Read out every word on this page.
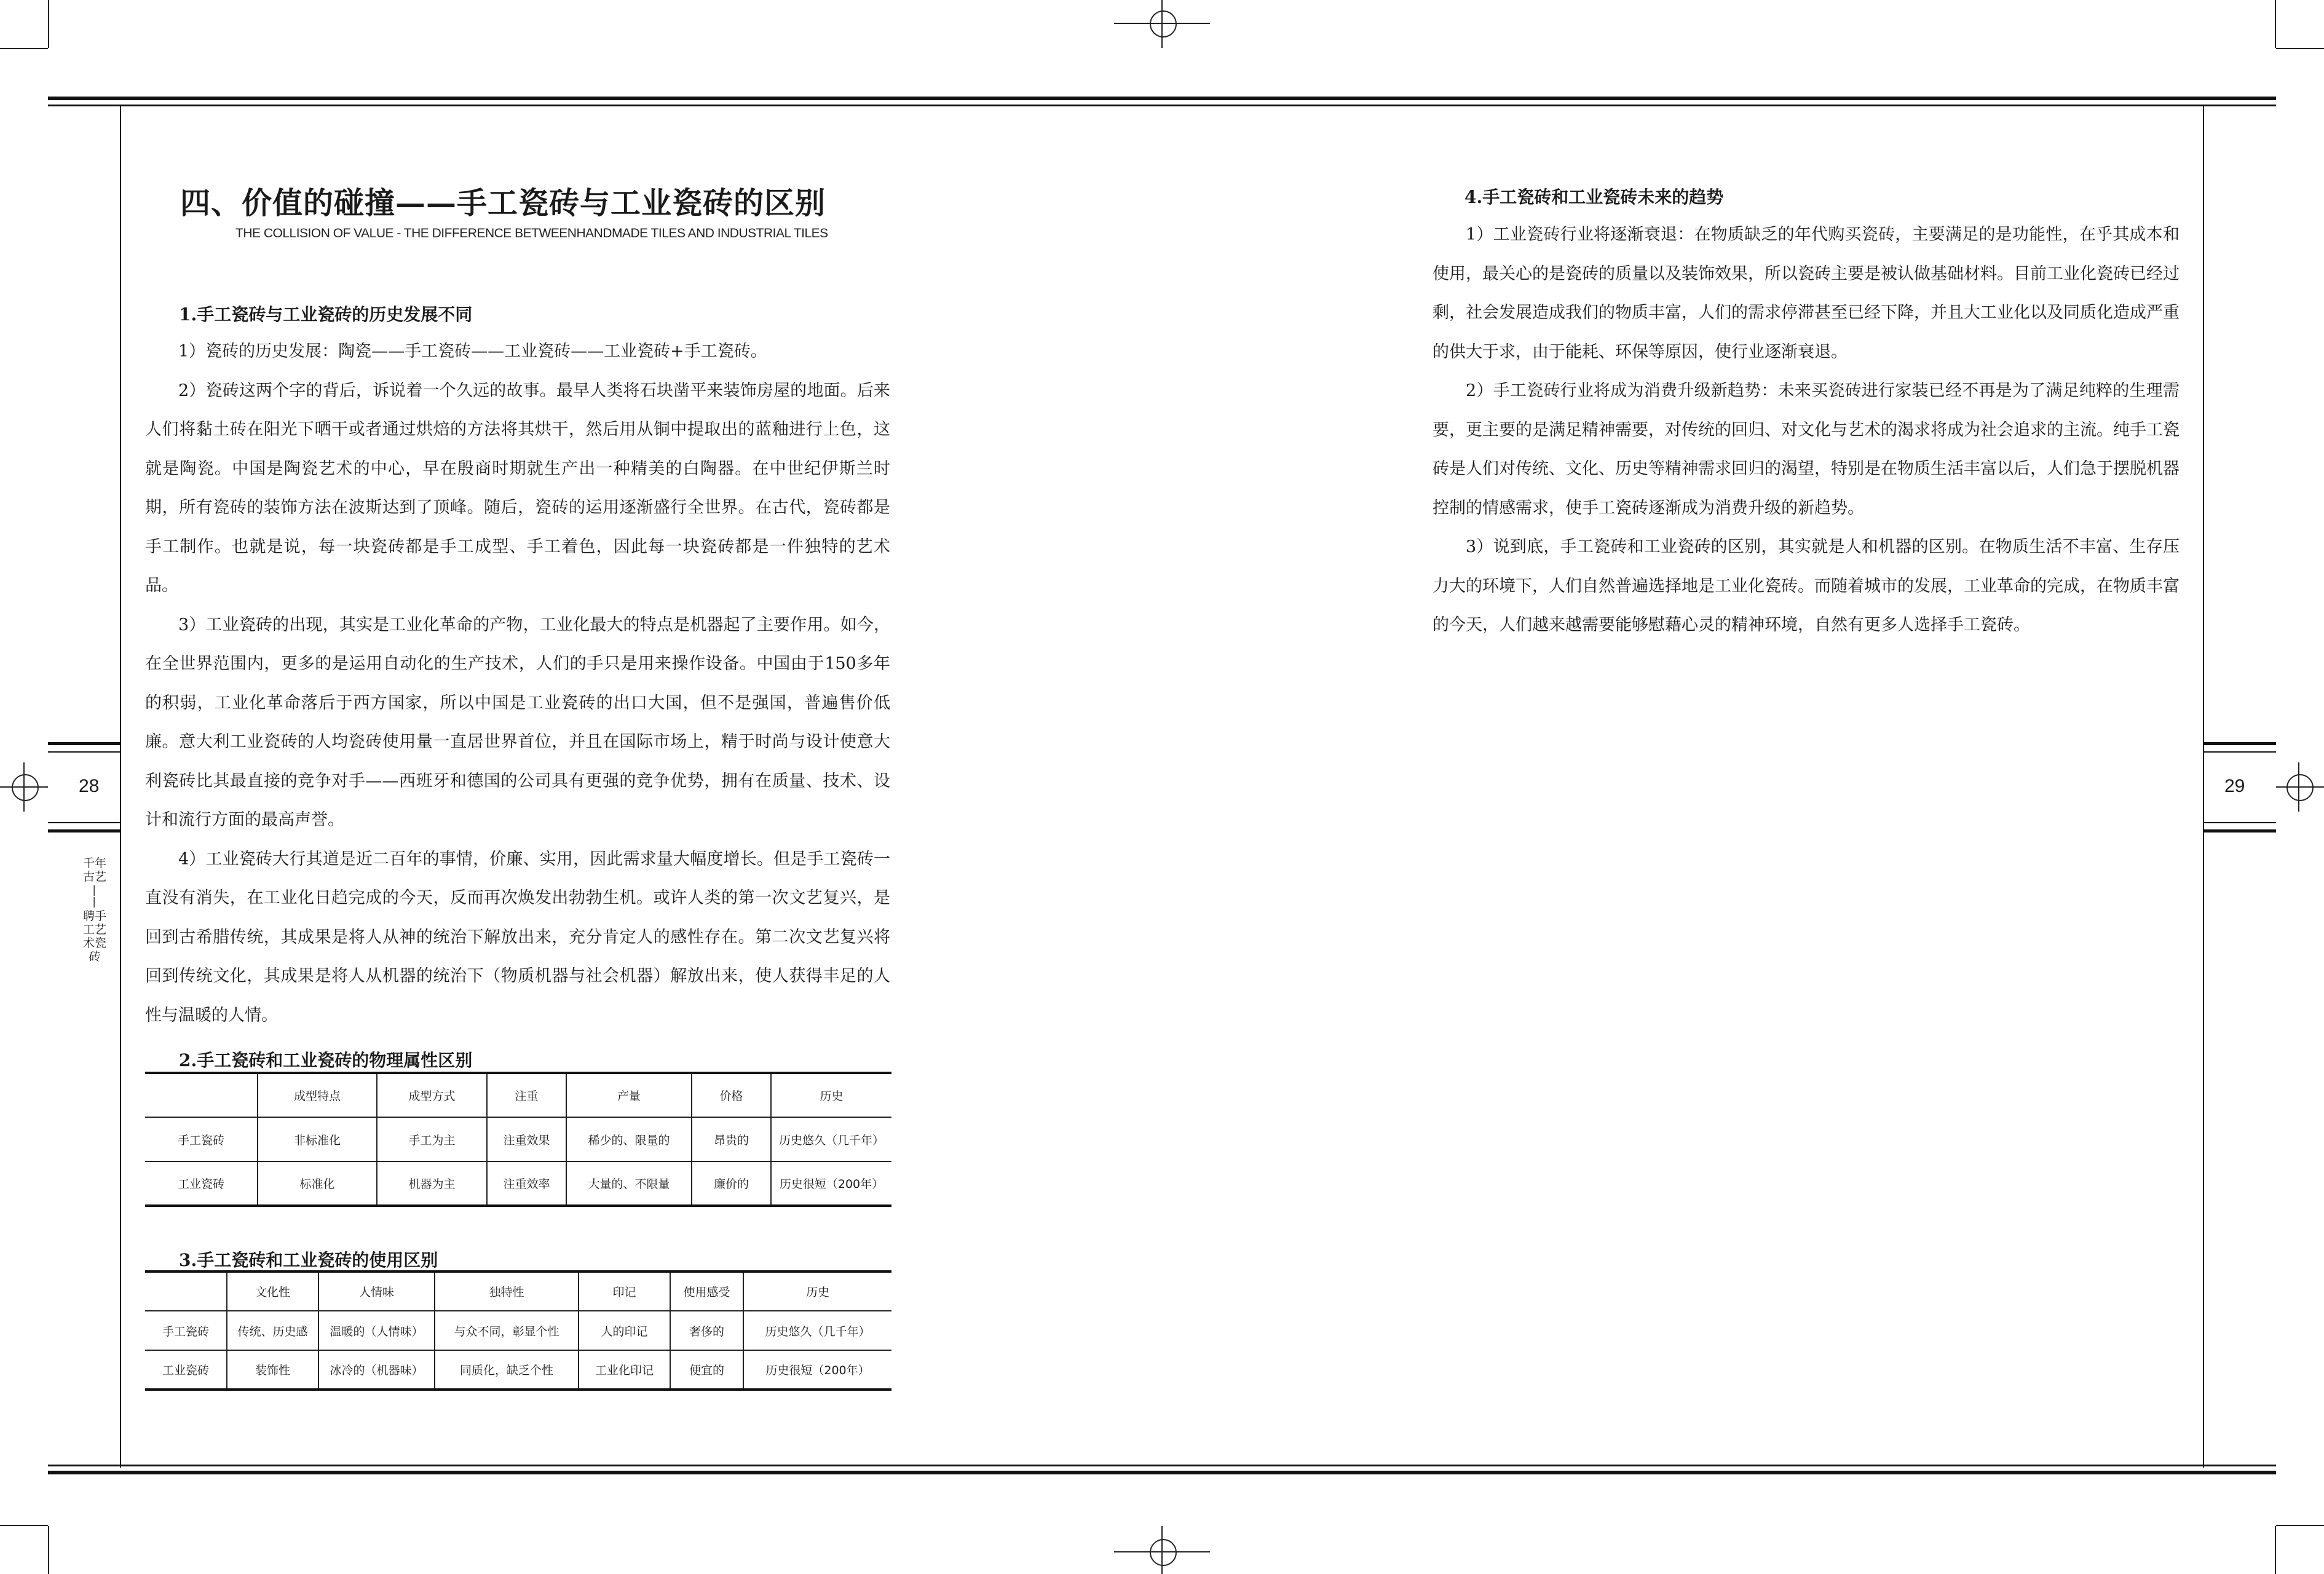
28	29
千年古艺
——
聘手工艺术瓷砖
四、价值的碰撞——手工瓷砖与工业瓷砖的区别
THE COLLISION OF VALUE - THE DIFFERENCE BETWEENHANDMADE TILES AND INDUSTRIAL TILES
1.手工瓷砖与工业瓷砖的历史发展不同

1）瓷砖的历史发展：陶瓷——手工瓷砖——工业瓷砖——工业瓷砖+手工瓷砖。

2）瓷砖这两个字的背后，诉说着一个久远的故事。最早人类将石块凿平来装饰房屋的地面。后来人们将黏土砖在阳光下晒干或者通过烘焙的方法将其烘干，然后用从铜中提取出的蓝釉进行上色，这就是陶瓷。中国是陶瓷艺术的中心，早在殷商时期就生产出一种精美的白陶器。在中世纪伊斯兰时期，所有瓷砖的装饰方法在波斯达到了顶峰。随后，瓷砖的运用逐渐盛行全世界。在古代，瓷砖都是手工制作。也就是说，每一块瓷砖都是手工成型、手工着色，因此每一块瓷砖都是一件独特的艺术品。

3）工业瓷砖的出现，其实是工业化革命的产物，工业化最大的特点是机器起了主要作用。如今，在全世界范围内，更多的是运用自动化的生产技术，人们的手只是用来操作设备。中国由于150多年的积弱，工业化革命落后于西方国家，所以中国是工业瓷砖的出口大国，但不是强国，普遍售价低廉。意大利工业瓷砖的人均瓷砖使用量一直居世界首位，并且在国际市场上，精于时尚与设计使意大利瓷砖比其最直接的竞争对手——西班牙和德国的公司具有更强的竞争优势，拥有在质量、技术、设计和流行方面的最高声誉。

4）工业瓷砖大行其道是近二百年的事情，价廉、实用，因此需求量大幅度增长。但是手工瓷砖一直没有消失，在工业化日趋完成的今天，反而再次焕发出勃勃生机。或许人类的第一次文艺复兴，是回到古希腊传统，其成果是将人从神的统治下解放出来，充分肯定人的感性存在。第二次文艺复兴将回到传统文化，其成果是将人从机器的统治下（物质机器与社会机器）解放出来，使人获得丰足的人性与温暖的人情。

2.手工瓷砖和工业瓷砖的物理属性区别
	成型特点	成型方式	注重	产量	价格	历史
手工瓷砖	非标准化	手工为主	注重效果	稀少的、限量的	昂贵的	历史悠久（几千年）
工业瓷砖	标准化	机器为主	注重效率	大量的、不限量	廉价的	历史很短（200年）
3.手工瓷砖和工业瓷砖的使用区别
	文化性	人情味	独特性	印记	使用感受	历史
手工瓷砖	传统、历史感	温暖的（人情味）	与众不同，彰显个性	人的印记	奢侈的	历史悠久（几千年）
工业瓷砖	装饰性	冰冷的（机器味）	同质化，缺乏个性	工业化印记	便宜的	历史很短（200年）
4.手工瓷砖和工业瓷砖未来的趋势

1）工业瓷砖行业将逐渐衰退：在物质缺乏的年代购买瓷砖，主要满足的是功能性，在乎其成本和使用，最关心的是瓷砖的质量以及装饰效果，所以瓷砖主要是被认做基础材料。目前工业化瓷砖已经过剩，社会发展造成我们的物质丰富，人们的需求停滞甚至已经下降，并且大工业化以及同质化造成严重的供大于求，由于能耗、环保等原因，使行业逐渐衰退。

2）手工瓷砖行业将成为消费升级新趋势：未来买瓷砖进行家装已经不再是为了满足纯粹的生理需要，更主要的是满足精神需要，对传统的回归、对文化与艺术的渴求将成为社会追求的主流。纯手工瓷砖是人们对传统、文化、历史等精神需求回归的渴望，特别是在物质生活丰富以后，人们急于摆脱机器控制的情感需求，使手工瓷砖逐渐成为消费升级的新趋势。

3）说到底，手工瓷砖和工业瓷砖的区别，其实就是人和机器的区别。在物质生活不丰富、生存压力大的环境下，人们自然普遍选择地是工业化瓷砖。而随着城市的发展，工业革命的完成，在物质丰富的今天，人们越来越需要能够慰藉心灵的精神环境，自然有更多人选择手工瓷砖。
